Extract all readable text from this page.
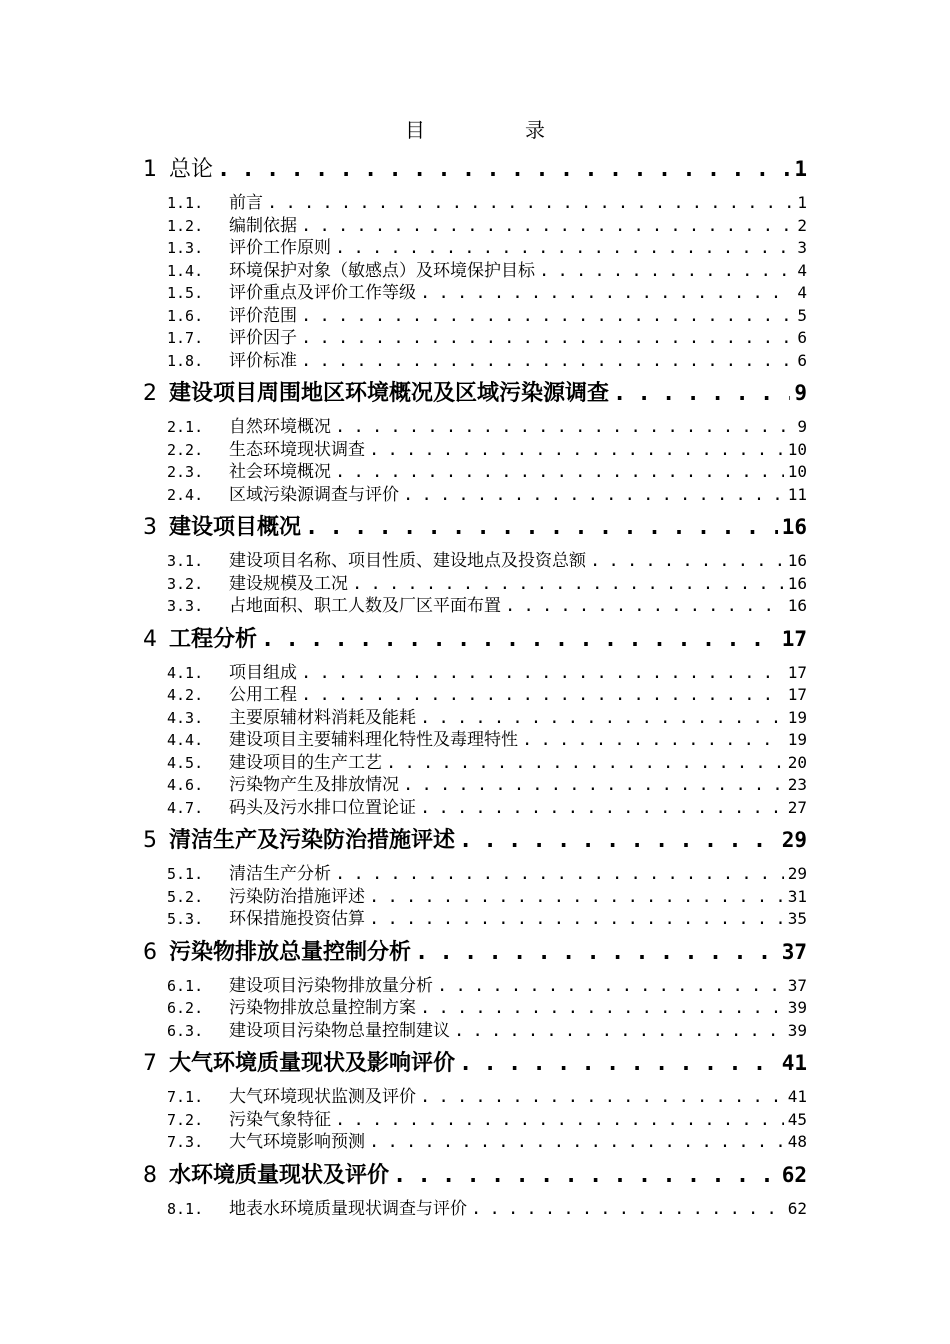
目	录
1 总论 . . .	1
1.1.	前言 . . .	1
1.2.	编制依据 . . .	2
1.3.	评价工作原则 . . .	3
1.4.	环境保护对象（敏感点）及环境保护目标 . . .	4
1.5.	评价重点及评价工作等级 . . .	4
1.6.	评价范围 . . .	5
1.7.	评价因子 . . .	6
1.8.	评价标准 . . .	6
2 建设项目周围地区环境概况及区域污染源调查 . . .	9
2.1.	自然环境概况 . . .	9
2.2.	生态环境现状调查 . . .	10
2.3.	社会环境概况 . . .	10
2.4.	区域污染源调查与评价 . . .	11
3 建设项目概况 . . .	16
3.1.	建设项目名称、项目性质、建设地点及投资总额 . . .	16
3.2.	建设规模及工况 . . .	16
3.3.	占地面积、职工人数及厂区平面布置 . . .	16
4 工程分析 . . .	17
4.1.	项目组成 . . .	17
4.2.	公用工程 . . .	17
4.3.	主要原辅材料消耗及能耗 . . .	19
4.4.	建设项目主要辅料理化特性及毒理特性 . . .	19
4.5.	建设项目的生产工艺 . . .	20
4.6.	污染物产生及排放情况 . . .	23
4.7.	码头及污水排口位置论证 . . .	27
5 清洁生产及污染防治措施评述 . . .	29
5.1.	清洁生产分析 . . .	29
5.2.	污染防治措施评述 . . .	31
5.3.	环保措施投资估算 . . .	35
6 污染物排放总量控制分析 . . .	37
6.1.	建设项目污染物排放量分析 . . .	37
6.2.	污染物排放总量控制方案 . . .	39
6.3.	建设项目污染物总量控制建议 . . .	39
7 大气环境质量现状及影响评价 . . .	41
7.1.	大气环境现状监测及评价 . . .	41
7.2.	污染气象特征 . . .	45
7.3.	大气环境影响预测 . . .	48
8 水环境质量现状及评价 . . .	62
8.1.	地表水环境质量现状调查与评价 . . .	62
